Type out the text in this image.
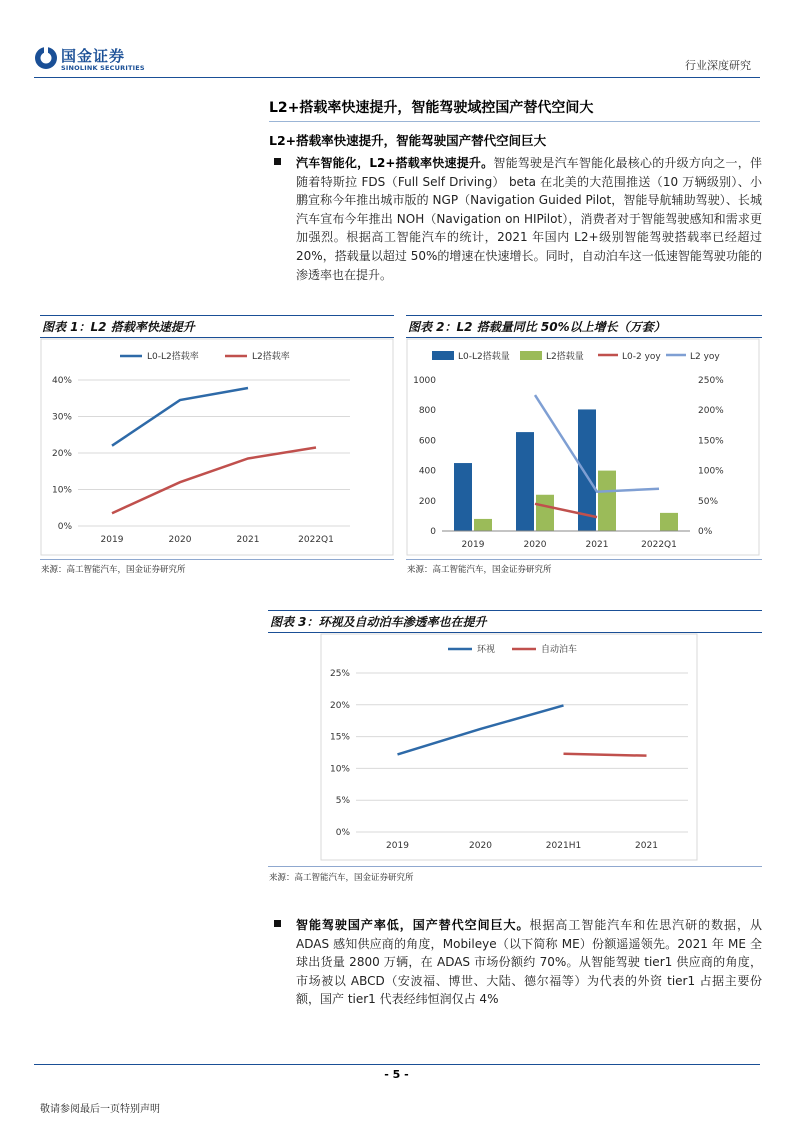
国金证券
SINOLINK SECURITIES	行业深度研究
L2+搭载率快速提升，智能驾驶域控国产替代空间大
L2+搭载率快速提升，智能驾驶国产替代空间巨大
汽车智能化，L2+搭载率快速提升。智能驾驶是汽车智能化最核心的升级方向之一，伴随着特斯拉 FDS（Full Self Driving） beta 在北美的大范围推送（10 万辆级别）、小鹏宣称今年推出城市版的 NGP（Navigation Guided Pilot，智能导航辅助驾驶）、长城汽车宣布今年推出 NOH（Navigation on HIPilot），消费者对于智能驾驶感知和需求更加强烈。根据高工智能汽车的统计，2021 年国内 L2+级别智能驾驶搭载率已经超过 20%，搭载量以超过 50%的增速在快速增长。同时，自动泊车这一低速智能驾驶功能的渗透率也在提升。
图表 1：L2 搭载率快速提升
L0-L2搭载率	L2搭载率
0%
10%
20%
30%
40%
2019	2020	2021	2022Q1
来源：高工智能汽车，国金证券研究所
图表 2：L2 搭载量同比 50%以上增长（万套）
L0-L2搭载量	L2搭载量	L0-2 yoy	L2 yoy
0
200
400
600
800
1000
0%
50%
100%
150%
200%
250%
2019	2020	2021	2022Q1
来源：高工智能汽车，国金证券研究所
图表 3：环视及自动泊车渗透率也在提升
环视	自动泊车
0%
5%
10%
15%
20%
25%
2019	2020	2021H1	2021
来源：高工智能汽车，国金证券研究所
智能驾驶国产率低，国产替代空间巨大。根据高工智能汽车和佐思汽研的数据，从 ADAS 感知供应商的角度，Mobileye（以下简称 ME）份额遥遥领先。2021 年 ME 全球出货量 2800 万辆，在 ADAS 市场份额约 70%。从智能驾驶 tier1 供应商的角度，市场被以 ABCD（安波福、博世、大陆、德尔福等）为代表的外资 tier1 占据主要份额，国产 tier1 代表经纬恒润仅占 4%
- 5 -
敬请参阅最后一页特别声明
